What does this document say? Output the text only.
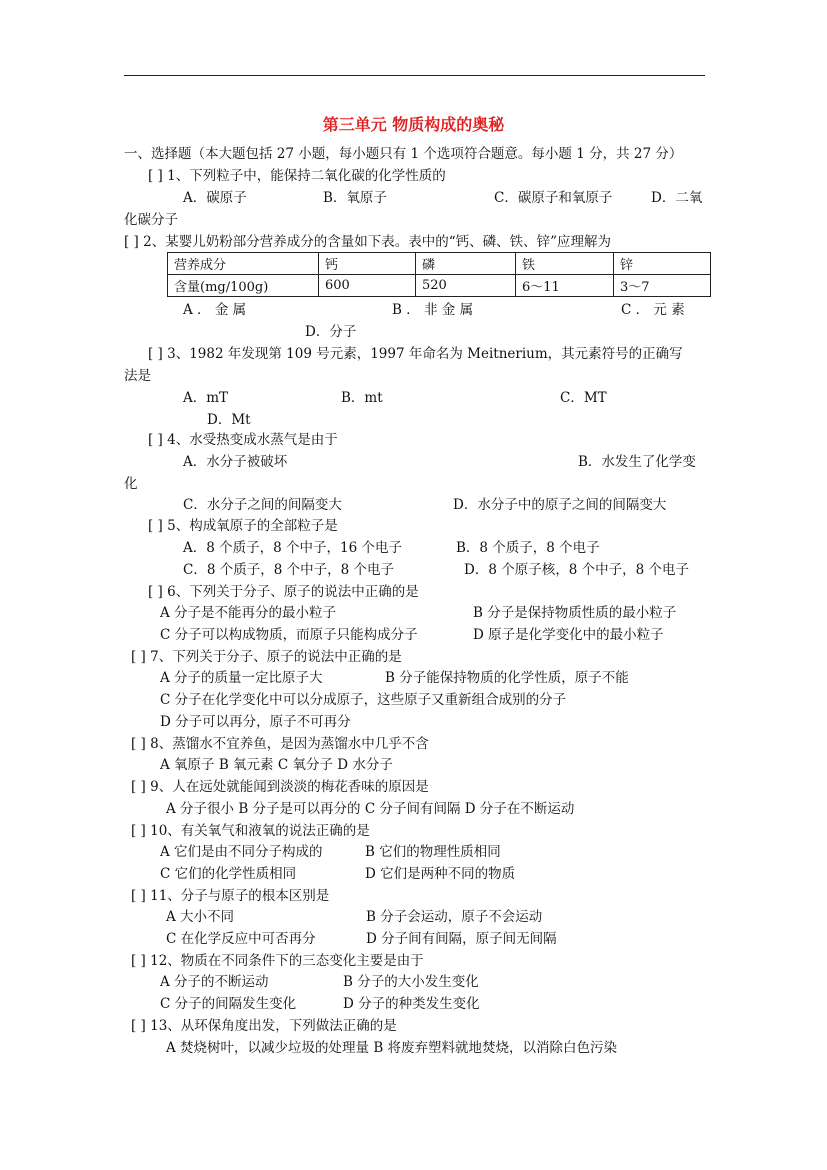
第三单元 物质构成的奥秘
一、选择题（本大题包括 27 小题，每小题只有 1 个选项符合题意。每小题 1 分，共 27 分）
[ ] 1、下列粒子中，能保持二氧化碳的化学性质的
A．碳原子	B．氧原子	C．碳原子和氧原子	D．二氧
化碳分子
[ ] 2、某婴儿奶粉部分营养成分的含量如下表。表中的“钙、磷、铁、锌”应理解为
营养成分	钙	磷	铁	锌
含量(mg/100g)	600	520	6～11	3～7
A ． 金 属	B ． 非 金 属	C ． 元 素
D．分子
[ ] 3、1982 年发现第 109 号元素，1997 年命名为 Meitnerium，其元素符号的正确写
法是
A．mT	B．mt	C．MT
D．Mt
[ ] 4、水受热变成水蒸气是由于
A．水分子被破坏	B．水发生了化学变
化
C．水分子之间的间隔变大	D．水分子中的原子之间的间隔变大
[ ] 5、构成氧原子的全部粒子是
A．8 个质子，8 个中子，16 个电子	B．8 个质子，8 个电子
C．8 个质子，8 个中子，8 个电子	D．8 个原子核，8 个中子，8 个电子
[ ] 6、下列关于分子、原子的说法中正确的是
A 分子是不能再分的最小粒子	B 分子是保持物质性质的最小粒子
C 分子可以构成物质，而原子只能构成分子	D 原子是化学变化中的最小粒子
[ ] 7、下列关于分子、原子的说法中正确的是
A 分子的质量一定比原子大	B 分子能保持物质的化学性质，原子不能
C 分子在化学变化中可以分成原子，这些原子又重新组合成别的分子
D 分子可以再分，原子不可再分
[ ] 8、蒸馏水不宜养鱼，是因为蒸馏水中几乎不含
A 氧原子 B 氧元素 C 氧分子 D 水分子
[ ] 9、人在远处就能闻到淡淡的梅花香味的原因是
A 分子很小 B 分子是可以再分的 C 分子间有间隔 D 分子在不断运动
[ ] 10、有关氧气和液氧的说法正确的是
A 它们是由不同分子构成的	B 它们的物理性质相同
C 它们的化学性质相同	D 它们是两种不同的物质
[ ] 11、分子与原子的根本区别是
A 大小不同	B 分子会运动，原子不会运动
C 在化学反应中可否再分	D 分子间有间隔，原子间无间隔
[ ] 12、物质在不同条件下的三态变化主要是由于
A 分子的不断运动	B 分子的大小发生变化
C 分子的间隔发生变化	D 分子的种类发生变化
[ ] 13、从环保角度出发，下列做法正确的是
A 焚烧树叶，以减少垃圾的处理量 B 将废弃塑料就地焚烧，以消除白色污染
